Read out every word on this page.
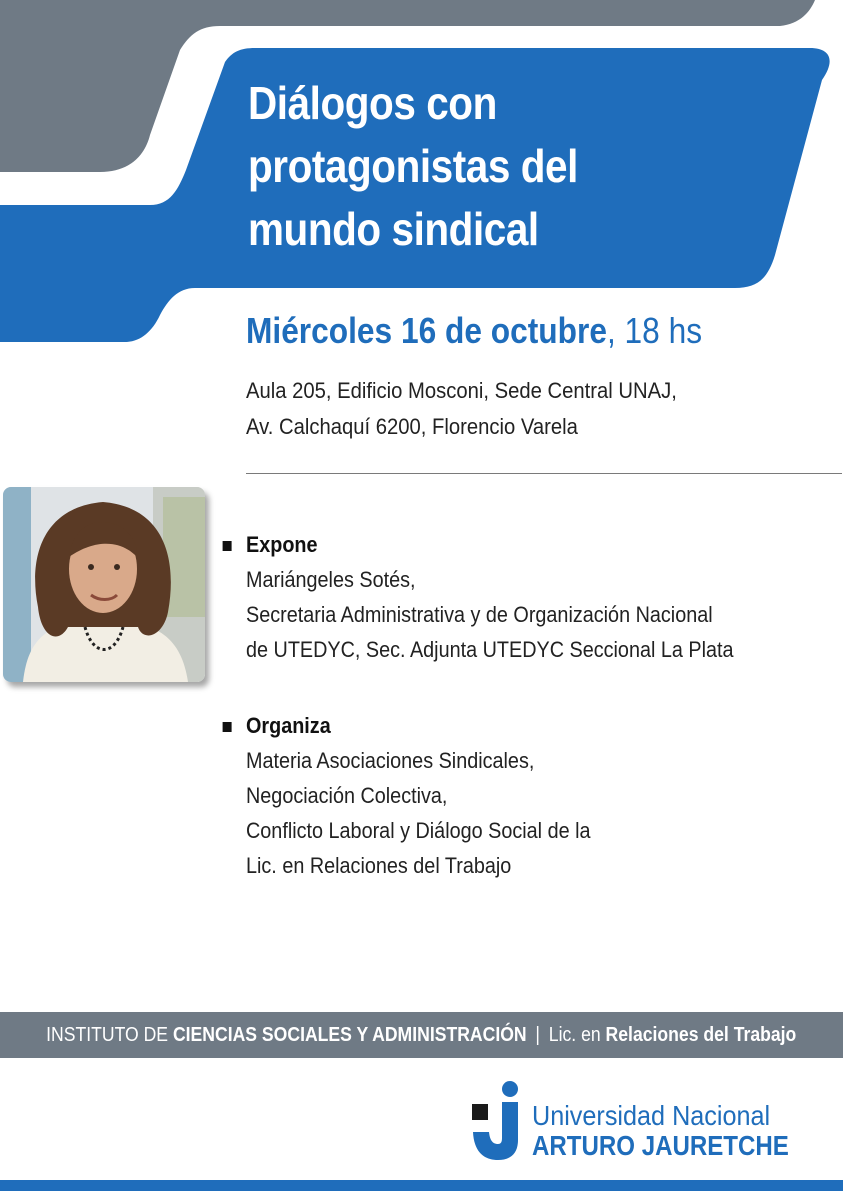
Diálogos con
protagonistas del
mundo sindical
Miércoles 16 de octubre, 18 hs
Aula 205, Edificio Mosconi, Sede Central UNAJ,
Av. Calchaquí 6200, Florencio Varela
Expone
Mariángeles Sotés,
Secretaria Administrativa y de Organización Nacional
de UTEDYC, Sec. Adjunta UTEDYC Seccional La Plata
Organiza
Materia Asociaciones Sindicales,
Negociación Colectiva,
Conflicto Laboral y Diálogo Social de la
Lic. en Relaciones del Trabajo
INSTITUTO DE CIENCIAS SOCIALES Y ADMINISTRACIÓN | Lic. en Relaciones del Trabajo
Universidad Nacional
ARTURO JAURETCHE
